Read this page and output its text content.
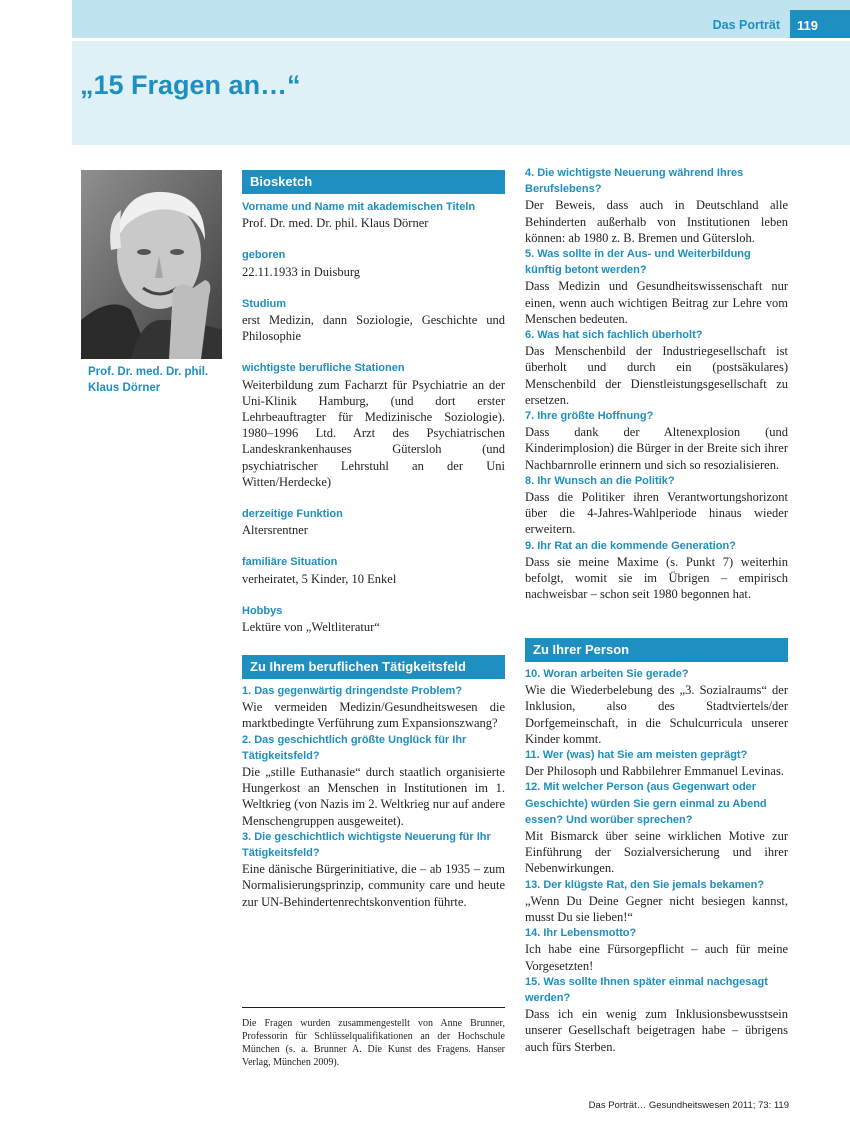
Das Porträt 119
„15 Fragen an…“
Prof. Dr. med. Dr. phil.
Klaus Dörner
Biosketch
Vorname und Name mit akademischen Titeln
Prof. Dr. med. Dr. phil. Klaus Dörner
geboren
22.11.1933 in Duisburg
Studium
erst Medizin, dann Soziologie, Geschichte und Philosophie
wichtigste berufliche Stationen
Weiterbildung zum Facharzt für Psychiatrie an der Uni-Klinik Hamburg, (und dort erster Lehrbeauftragter für Medizinische Soziologie). 1980–1996 Ltd. Arzt des Psychiatrischen Landeskrankenhauses Gütersloh (und psychiatrischer Lehrstuhl an der Uni Witten/Herdecke)
derzeitige Funktion
Altersrentner
familiäre Situation
verheiratet, 5 Kinder, 10 Enkel
Hobbys
Lektüre von „Weltliteratur“
Zu Ihrem beruflichen Tätigkeitsfeld
1. Das gegenwärtig dringendste Problem?
Wie vermeiden Medizin/Gesundheitswesen die marktbedingte Verführung zum Expansionszwang?
2. Das geschichtlich größte Unglück für Ihr Tätigkeitsfeld?
Die „stille Euthanasie“ durch staatlich organisierte Hungerkost an Menschen in Institutionen im 1. Weltkrieg (von Nazis im 2. Weltkrieg nur auf andere Menschengruppen ausgeweitet).
3. Die geschichtlich wichtigste Neuerung für Ihr Tätigkeitsfeld?
Eine dänische Bürgerinitiative, die – ab 1935 – zum Normalisierungsprinzip, community care und heute zur UN-Behindertenrechtskonvention führte.
4. Die wichtigste Neuerung während Ihres Berufslebens?
Der Beweis, dass auch in Deutschland alle Behinderten außerhalb von Institutionen leben können: ab 1980 z. B. Bremen und Gütersloh.
5. Was sollte in der Aus- und Weiterbildung künftig betont werden?
Dass Medizin und Gesundheitswissenschaft nur einen, wenn auch wichtigen Beitrag zur Lehre vom Menschen bedeuten.
6. Was hat sich fachlich überholt?
Das Menschenbild der Industriegesellschaft ist überholt und durch ein (postsäkulares) Menschenbild der Dienstleistungsgesellschaft zu ersetzen.
7. Ihre größte Hoffnung?
Dass dank der Altenexplosion (und Kinderimplosion) die Bürger in der Breite sich ihrer Nachbarnrolle erinnern und sich so resozialisieren.
8. Ihr Wunsch an die Politik?
Dass die Politiker ihren Verantwortungshorizont über die 4-Jahres-Wahlperiode hinaus wieder erweitern.
9. Ihr Rat an die kommende Generation?
Dass sie meine Maxime (s. Punkt 7) weiterhin befolgt, womit sie im Übrigen – empirisch nachweisbar – schon seit 1980 begonnen hat.
Zu Ihrer Person
10. Woran arbeiten Sie gerade?
Wie die Wiederbelebung des „3. Sozialraums“ der Inklusion, also des Stadtviertels/der Dorfgemeinschaft, in die Schulcurricula unserer Kinder kommt.
11. Wer (was) hat Sie am meisten geprägt?
Der Philosoph und Rabbilehrer Emmanuel Levinas.
12. Mit welcher Person (aus Gegenwart oder Geschichte) würden Sie gern einmal zu Abend essen? Und worüber sprechen?
Mit Bismarck über seine wirklichen Motive zur Einführung der Sozialversicherung und ihrer Nebenwirkungen.
13. Der klügste Rat, den Sie jemals bekamen?
„Wenn Du Deine Gegner nicht besiegen kannst, musst Du sie lieben!“
14. Ihr Lebensmotto?
Ich habe eine Fürsorgepflicht – auch für meine Vorgesetzten!
15. Was sollte Ihnen später einmal nachgesagt werden?
Dass ich ein wenig zum Inklusionsbewusstsein unserer Gesellschaft beigetragen habe – übrigens auch fürs Sterben.
Die Fragen wurden zusammengestellt von Anne Brunner, Professorin für Schlüsselqualifikationen an der Hochschule München (s. a. Brunner A. Die Kunst des Fragens. Hanser Verlag, München 2009).
Das Porträt… Gesundheitswesen 2011; 73: 119
